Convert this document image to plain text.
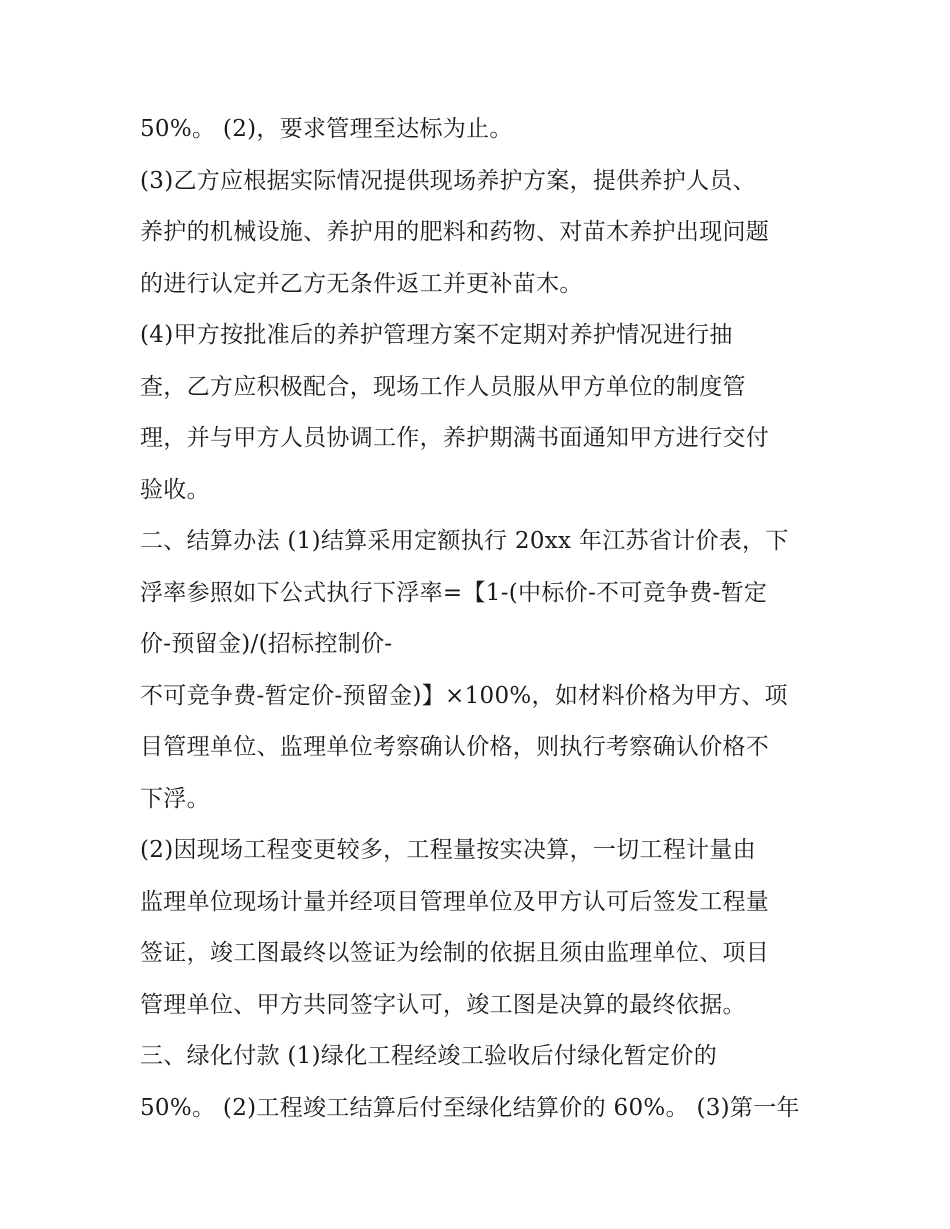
50%。 (2)，要求管理至达标为止。
(3)乙方应根据实际情况提供现场养护方案，提供养护人员、
养护的机械设施、养护用的肥料和药物、对苗木养护出现问题
的进行认定并乙方无条件返工并更补苗木。
(4)甲方按批准后的养护管理方案不定期对养护情况进行抽
查，乙方应积极配合，现场工作人员服从甲方单位的制度管
理，并与甲方人员协调工作，养护期满书面通知甲方进行交付
验收。
二、结算办法 (1)结算采用定额执行 20xx 年江苏省计价表，下
浮率参照如下公式执行下浮率=【1-(中标价-不可竞争费-暂定
价-预留金)/(招标控制价-
不可竞争费-暂定价-预留金)】×100%，如材料价格为甲方、项
目管理单位、监理单位考察确认价格，则执行考察确认价格不
下浮。
(2)因现场工程变更较多，工程量按实决算，一切工程计量由
监理单位现场计量并经项目管理单位及甲方认可后签发工程量
签证，竣工图最终以签证为绘制的依据且须由监理单位、项目
管理单位、甲方共同签字认可，竣工图是决算的最终依据。
三、绿化付款 (1)绿化工程经竣工验收后付绿化暂定价的
50%。 (2)工程竣工结算后付至绿化结算价的 60%。 (3)第一年
